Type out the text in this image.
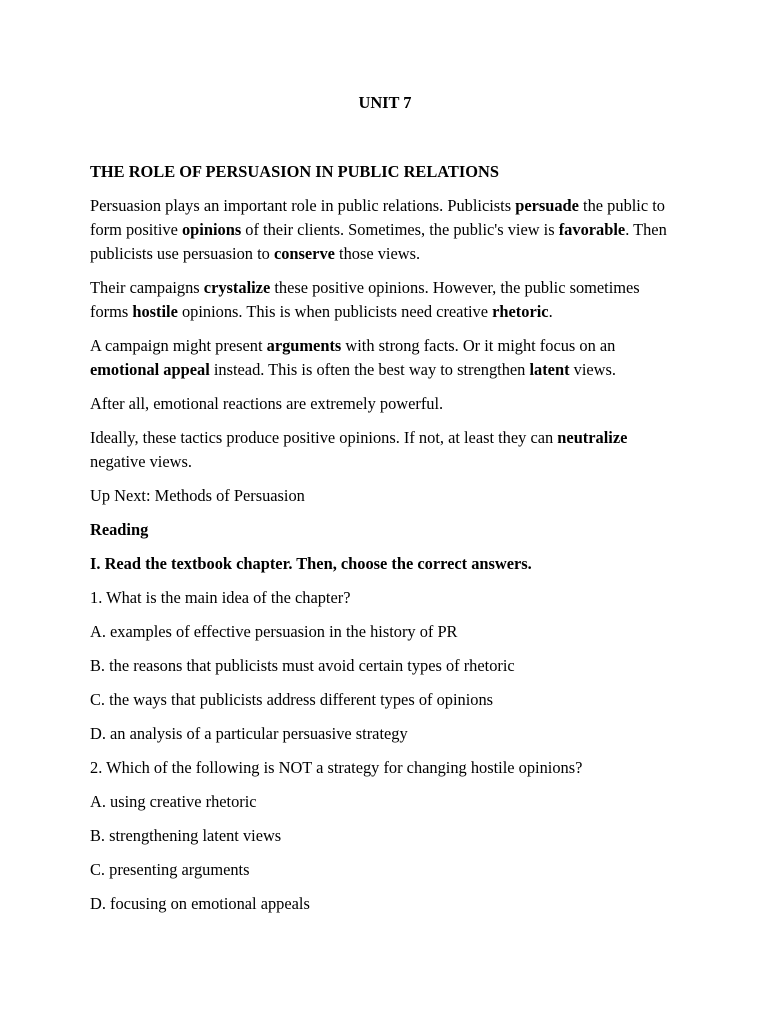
UNIT 7

THE ROLE OF PERSUASION IN PUBLIC RELATIONS

Persuasion plays an important role in public relations. Publicists persuade the public to form positive opinions of their clients. Sometimes, the public's view is favorable. Then publicists use persuasion to conserve those views.

Their campaigns crystalize these positive opinions. However, the public sometimes forms hostile opinions. This is when publicists need creative rhetoric.

A campaign might present arguments with strong facts. Or it might focus on an emotional appeal instead. This is often the best way to strengthen latent views.

After all, emotional reactions are extremely powerful.

Ideally, these tactics produce positive opinions. If not, at least they can neutralize negative views.

Up Next: Methods of Persuasion

Reading

I. Read the textbook chapter. Then, choose the correct answers.

1. What is the main idea of the chapter?

A. examples of effective persuasion in the history of PR

B. the reasons that publicists must avoid certain types of rhetoric

C. the ways that publicists address different types of opinions

D. an analysis of a particular persuasive strategy

2. Which of the following is NOT a strategy for changing hostile opinions?

A. using creative rhetoric

B. strengthening latent views

C. presenting arguments

D. focusing on emotional appeals
